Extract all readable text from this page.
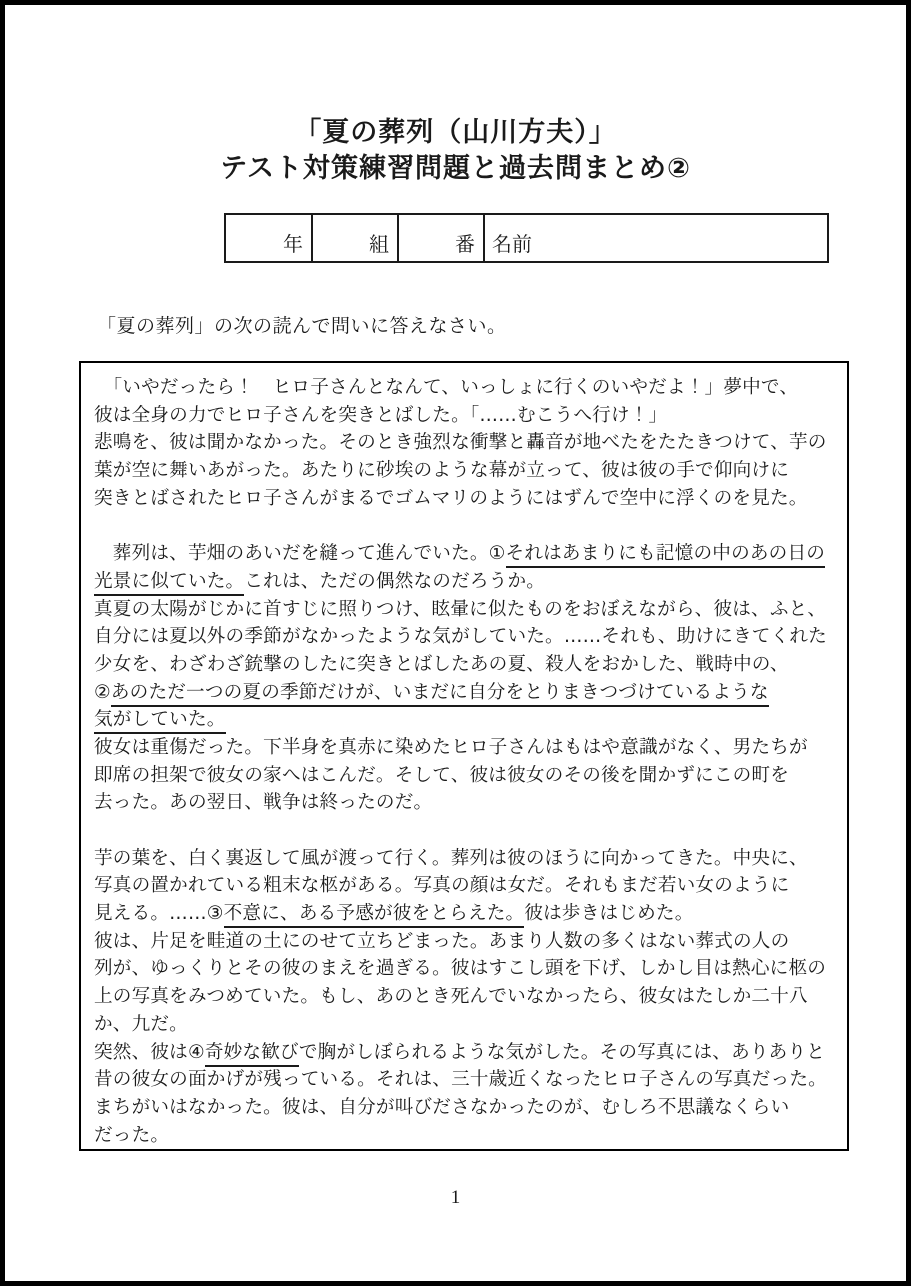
「夏の葬列（山川方夫）」
テスト対策練習問題と過去問まとめ②
年	組	番	名前
「夏の葬列」の次の読んで問いに答えなさい。
　「いやだったら！　ヒロ子さんとなんて、いっしょに行くのいやだよ！」夢中で、
彼は全身の力でヒロ子さんを突きとばした。「……むこうへ行け！」
悲鳴を、彼は聞かなかった。そのとき強烈な衝撃と轟音が地べたをたたきつけて、芋の
葉が空に舞いあがった。あたりに砂埃のような幕が立って、彼は彼の手で仰向けに
突きとばされたヒロ子さんがまるでゴムマリのようにはずんで空中に浮くのを見た。
　葬列は、芋畑のあいだを縫って進んでいた。①それはあまりにも記憶の中のあの日の
光景に似ていた。これは、ただの偶然なのだろうか。
真夏の太陽がじかに首すじに照りつけ、眩暈に似たものをおぼえながら、彼は、ふと、
自分には夏以外の季節がなかったような気がしていた。……それも、助けにきてくれた
少女を、わざわざ銃撃のしたに突きとばしたあの夏、殺人をおかした、戦時中の、
②あのただ一つの夏の季節だけが、いまだに自分をとりまきつづけているような
気がしていた。
彼女は重傷だった。下半身を真赤に染めたヒロ子さんはもはや意識がなく、男たちが
即席の担架で彼女の家へはこんだ。そして、彼は彼女のその後を聞かずにこの町を
去った。あの翌日、戦争は終ったのだ。
芋の葉を、白く裏返して風が渡って行く。葬列は彼のほうに向かってきた。中央に、
写真の置かれている粗末な柩がある。写真の顔は女だ。それもまだ若い女のように
見える。……③不意に、ある予感が彼をとらえた。彼は歩きはじめた。
彼は、片足を畦道の土にのせて立ちどまった。あまり人数の多くはない葬式の人の
列が、ゆっくりとその彼のまえを過ぎる。彼はすこし頭を下げ、しかし目は熱心に柩の
上の写真をみつめていた。もし、あのとき死んでいなかったら、彼女はたしか二十八
か、九だ。
突然、彼は④奇妙な歓びで胸がしぼられるような気がした。その写真には、ありありと
昔の彼女の面かげが残っている。それは、三十歳近くなったヒロ子さんの写真だった。
まちがいはなかった。彼は、自分が叫びださなかったのが、むしろ不思議なくらい
だった。
1
